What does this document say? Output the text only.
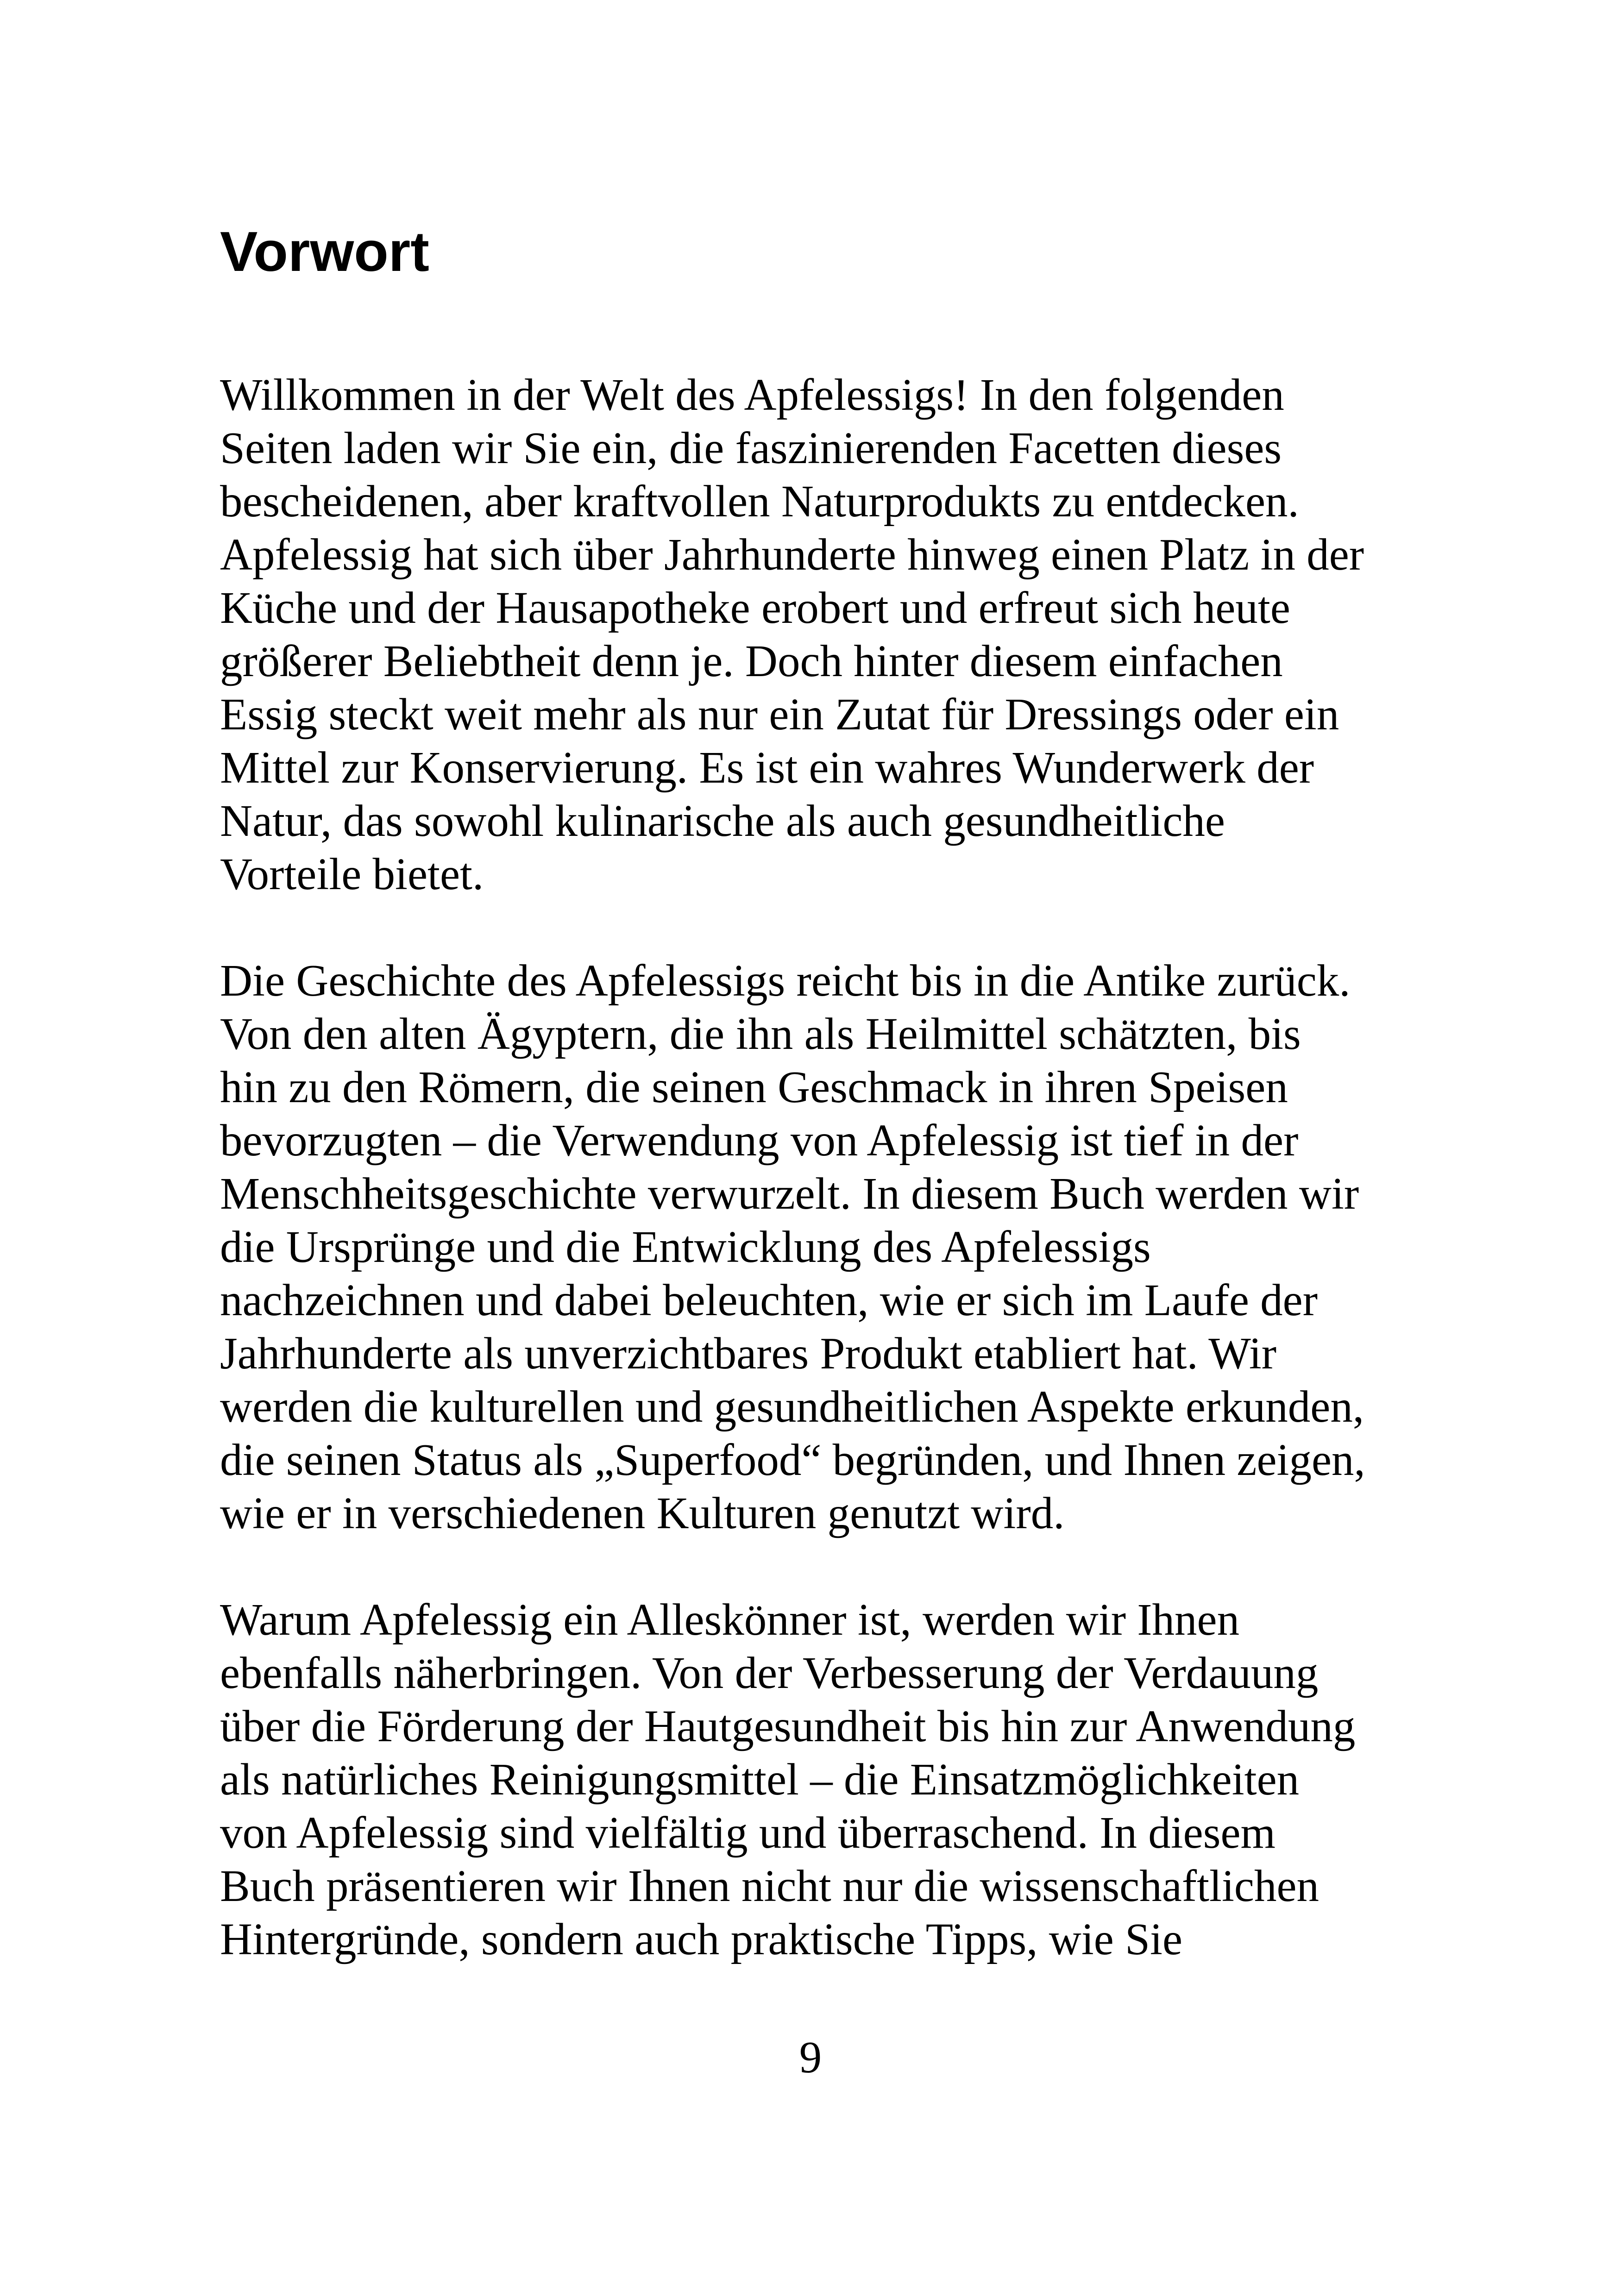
Vorwort

Willkommen in der Welt des Apfelessigs! In den folgenden
Seiten laden wir Sie ein, die faszinierenden Facetten dieses
bescheidenen, aber kraftvollen Naturprodukts zu entdecken.
Apfelessig hat sich über Jahrhunderte hinweg einen Platz in der
Küche und der Hausapotheke erobert und erfreut sich heute
größerer Beliebtheit denn je. Doch hinter diesem einfachen
Essig steckt weit mehr als nur ein Zutat für Dressings oder ein
Mittel zur Konservierung. Es ist ein wahres Wunderwerk der
Natur, das sowohl kulinarische als auch gesundheitliche
Vorteile bietet.

Die Geschichte des Apfelessigs reicht bis in die Antike zurück.
Von den alten Ägyptern, die ihn als Heilmittel schätzten, bis
hin zu den Römern, die seinen Geschmack in ihren Speisen
bevorzugten – die Verwendung von Apfelessig ist tief in der
Menschheitsgeschichte verwurzelt. In diesem Buch werden wir
die Ursprünge und die Entwicklung des Apfelessigs
nachzeichnen und dabei beleuchten, wie er sich im Laufe der
Jahrhunderte als unverzichtbares Produkt etabliert hat. Wir
werden die kulturellen und gesundheitlichen Aspekte erkunden,
die seinen Status als „Superfood“ begründen, und Ihnen zeigen,
wie er in verschiedenen Kulturen genutzt wird.

Warum Apfelessig ein Alleskönner ist, werden wir Ihnen
ebenfalls näherbringen. Von der Verbesserung der Verdauung
über die Förderung der Hautgesundheit bis hin zur Anwendung
als natürliches Reinigungsmittel – die Einsatzmöglichkeiten
von Apfelessig sind vielfältig und überraschend. In diesem
Buch präsentieren wir Ihnen nicht nur die wissenschaftlichen
Hintergründe, sondern auch praktische Tipps, wie Sie

9
